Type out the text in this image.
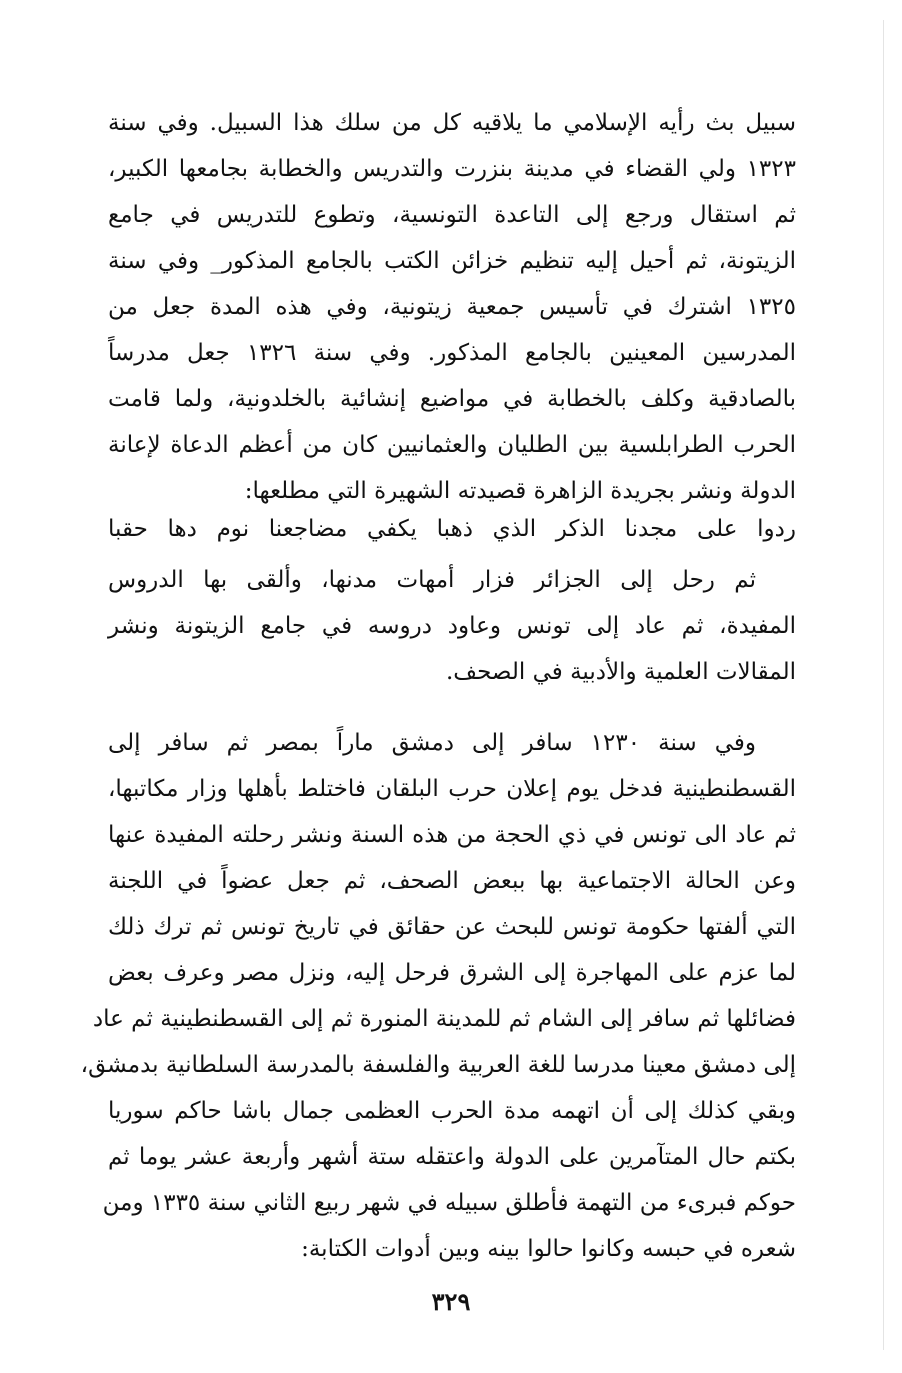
سبيل بث رأيه الإسلامي ما يلاقيه كل من سلك هذا السبيل. وفي سنة
١٣٢٣ ولي القضاء في مدينة بنزرت والتدريس والخطابة بجامعها الكبير،
ثم استقال ورجع إلى التاعدة التونسية، وتطوع للتدريس في جامع
الزيتونة، ثم أحيل إليه تنظيم خزائن الكتب بالجامع المذكور_ وفي سنة
١٣٢٥ اشترك في تأسيس جمعية زيتونية، وفي هذه المدة جعل من
المدرسين المعينين بالجامع المذكور. وفي سنة ١٣٢٦ جعل مدرساً
بالصادقية وكلف بالخطابة في مواضيع إنشائية بالخلدونية، ولما قامت
الحرب الطرابلسية بين الطليان والعثمانيين كان من أعظم الدعاة لإعانة
الدولة ونشر بجريدة الزاهرة قصيدته الشهيرة التي مطلعها:
ردوا على مجدنا الذكر الذي ذهبا يكفي مضاجعنا نوم دها حقبا
ثم رحل إلى الجزائر فزار أمهات مدنها، وألقى بها الدروس
المفيدة، ثم عاد إلى تونس وعاود دروسه في جامع الزيتونة ونشر
المقالات العلمية والأدبية في الصحف.
وفي سنة ١٢٣٠ سافر إلى دمشق ماراً بمصر ثم سافر إلى
القسطنطينية فدخل يوم إعلان حرب البلقان فاختلط بأهلها وزار مكاتبها،
ثم عاد الى تونس في ذي الحجة من هذه السنة ونشر رحلته المفيدة عنها
وعن الحالة الاجتماعية بها ببعض الصحف، ثم جعل عضواً في اللجنة
التي ألفتها حكومة تونس للبحث عن حقائق في تاريخ تونس ثم ترك ذلك
لما عزم على المهاجرة إلى الشرق فرحل إليه، ونزل مصر وعرف بعض
فضائلها ثم سافر إلى الشام ثم للمدينة المنورة ثم إلى القسطنطينية ثم عاد
إلى دمشق معينا مدرسا للغة العربية والفلسفة بالمدرسة السلطانية بدمشق،
وبقي كذلك إلى أن اتهمه مدة الحرب العظمى جمال باشا حاكم سوريا
بكتم حال المتآمرين على الدولة واعتقله ستة أشهر وأربعة عشر يوما ثم
حوكم فبرىء من التهمة فأطلق سبيله في شهر ربيع الثاني سنة ١٣٣٥ ومن
شعره في حبسه وكانوا حالوا بينه وبين أدوات الكتابة:
٣٢٩
